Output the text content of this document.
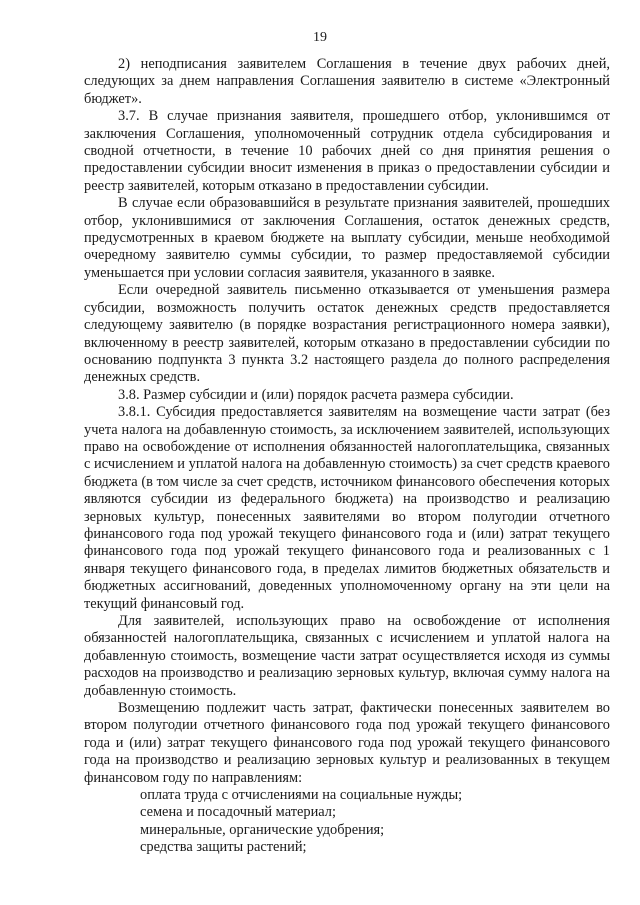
19

2) неподписания заявителем Соглашения в течение двух рабочих дней, следующих за днем направления Соглашения заявителю в системе «Электронный бюджет».

3.7. В случае признания заявителя, прошедшего отбор, уклонившимся от заключения Соглашения, уполномоченный сотрудник отдела субсидирования и сводной отчетности, в течение 10 рабочих дней со дня принятия решения о предоставлении субсидии вносит изменения в приказ о предоставлении субсидии и реестр заявителей, которым отказано в предоставлении субсидии.

В случае если образовавшийся в результате признания заявителей, прошедших отбор, уклонившимися от заключения Соглашения, остаток денежных средств, предусмотренных в краевом бюджете на выплату субсидии, меньше необходимой очередному заявителю суммы субсидии, то размер предоставляемой субсидии уменьшается при условии согласия заявителя, указанного в заявке.

Если очередной заявитель письменно отказывается от уменьшения размера субсидии, возможность получить остаток денежных средств предоставляется следующему заявителю (в порядке возрастания регистрационного номера заявки), включенному в реестр заявителей, которым отказано в предоставлении субсидии по основанию подпункта 3 пункта 3.2 настоящего раздела до полного распределения денежных средств.

3.8. Размер субсидии и (или) порядок расчета размера субсидии.

3.8.1. Субсидия предоставляется заявителям на возмещение части затрат (без учета налога на добавленную стоимость, за исключением заявителей, использующих право на освобождение от исполнения обязанностей налогоплательщика, связанных с исчислением и уплатой налога на добавленную стоимость) за счет средств краевого бюджета (в том числе за счет средств, источником финансового обеспечения которых являются субсидии из федерального бюджета) на производство и реализацию зерновых культур, понесенных заявителями во втором полугодии отчетного финансового года под урожай текущего финансового года и (или) затрат текущего финансового года под урожай текущего финансового года и реализованных с 1 января текущего финансового года, в пределах лимитов бюджетных обязательств и бюджетных ассигнований, доведенных уполномоченному органу на эти цели на текущий финансовый год.

Для заявителей, использующих право на освобождение от исполнения обязанностей налогоплательщика, связанных с исчислением и уплатой налога на добавленную стоимость, возмещение части затрат осуществляется исходя из суммы расходов на производство и реализацию зерновых культур, включая сумму налога на добавленную стоимость.

Возмещению подлежит часть затрат, фактически понесенных заявителем во втором полугодии отчетного финансового года под урожай текущего финансового года и (или) затрат текущего финансового года под урожай текущего финансового года на производство и реализацию зерновых культур и реализованных в текущем финансовом году по направлениям:

оплата труда с отчислениями на социальные нужды;

семена и посадочный материал;

минеральные, органические удобрения;

средства защиты растений;
